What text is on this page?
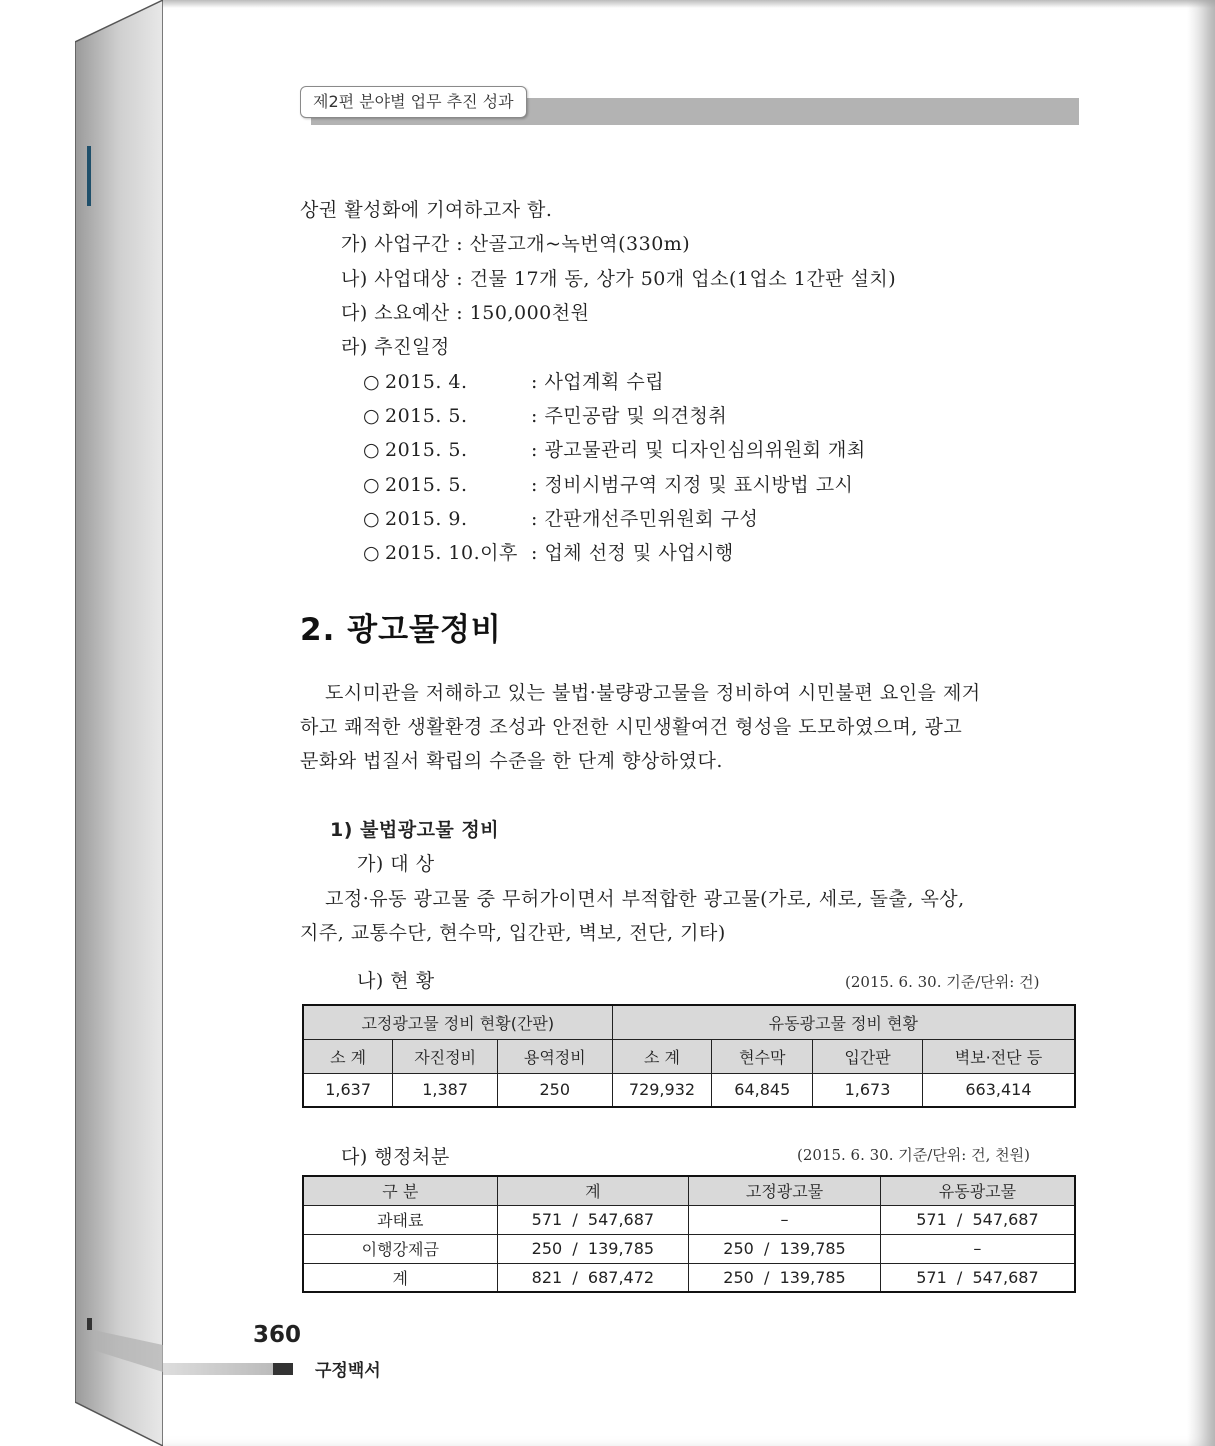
제2편 분야별 업무 추진 성과
상권 활성화에 기여하고자 함.
가) 사업구간 : 산골고개~녹번역(330m)
나) 사업대상 : 건물 17개 동, 상가 50개 업소(1업소 1간판 설치)
다) 소요예산 : 150,000천원
라) 추진일정
○ 2015. 4.	: 사업계획 수립
○ 2015. 5.	: 주민공람 및 의견청취
○ 2015. 5.	: 광고물관리 및 디자인심의위원회 개최
○ 2015. 5.	: 정비시범구역 지정 및 표시방법 고시
○ 2015. 9.	: 간판개선주민위원회 구성
○ 2015. 10.이후 : 업체 선정 및 사업시행
2. 광고물정비
도시미관을 저해하고 있는 불법·불량광고물을 정비하여 시민불편 요인을 제거
하고 쾌적한 생활환경 조성과 안전한 시민생활여건 형성을 도모하였으며, 광고
문화와 법질서 확립의 수준을 한 단계 향상하였다.
1) 불법광고물 정비
가) 대 상
고정·유동 광고물 중 무허가이면서 부적합한 광고물(가로, 세로, 돌출, 옥상,
지주, 교통수단, 현수막, 입간판, 벽보, 전단, 기타)
나) 현 황	(2015. 6. 30. 기준/단위: 건)
고정광고물 정비 현황(간판)			유동광고물 정비 현황			
소 계	자진정비	용역정비	소 계	현수막	입간판	벽보·전단 등
1,637	1,387	250	729,932	64,845	1,673	663,414
다) 행정처분	(2015. 6. 30. 기준/단위: 건, 천원)
구 분	계	고정광고물	유동광고물
과태료	571  /  547,687	–	571  /  547,687
이행강제금	250  /  139,785	250  /  139,785	–
계	821  /  687,472	250  /  139,785	571  /  547,687
360
구정백서
